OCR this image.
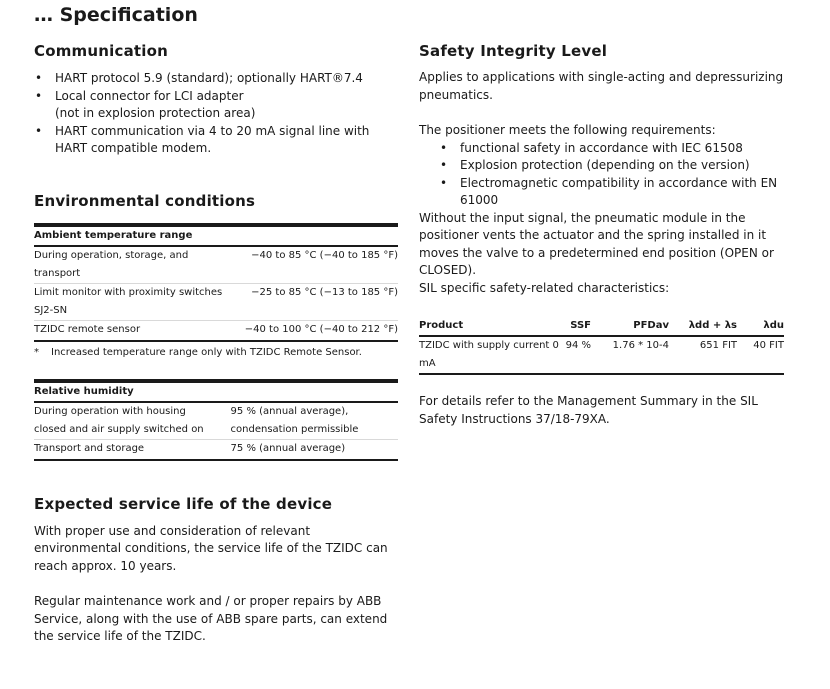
… Specification
Communication
• HART protocol 5.9 (standard); optionally HART®7.4
• Local connector for LCI adapter
(not in explosion protection area)
• HART communication via 4 to 20 mA signal line with HART compatible modem.
Environmental conditions
Ambient temperature range	
During operation, storage, and transport	−40 to 85 °C (−40 to 185 °F)
Limit monitor with proximity switches SJ2-SN	−25 to 85 °C (−13 to 185 °F)
TZIDC remote sensor	−40 to 100 °C (−40 to 212 °F)
*	Increased temperature range only with TZIDC Remote Sensor.
Relative humidity	
During operation with housing closed and air supply switched on	95 % (annual average), condensation permissible
Transport and storage	75 % (annual average)
Expected service life of the device

With proper use and consideration of relevant environmental conditions, the service life of the TZIDC can reach approx. 10 years.

Regular maintenance work and / or proper repairs by ABB Service, along with the use of ABB spare parts, can extend the service life of the TZIDC.

Safety Integrity Level

Applies to applications with single-acting and depressurizing pneumatics.

The positioner meets the following requirements:

• functional safety in accordance with IEC 61508
• Explosion protection (depending on the version)
• Electromagnetic compatibility in accordance with EN 61000

Without the input signal, the pneumatic module in the positioner vents the actuator and the spring installed in it moves the valve to a predetermined end position (OPEN or CLOSED).

SIL specific safety-related characteristics:

Product	SSF	PFDav	λdd + λs	λdu
TZIDC with supply current 0 mA	94 %	1.76 * 10-4	651 FIT	40 FIT

For details refer to the Management Summary in the SIL Safety Instructions 37/18-79XA.
